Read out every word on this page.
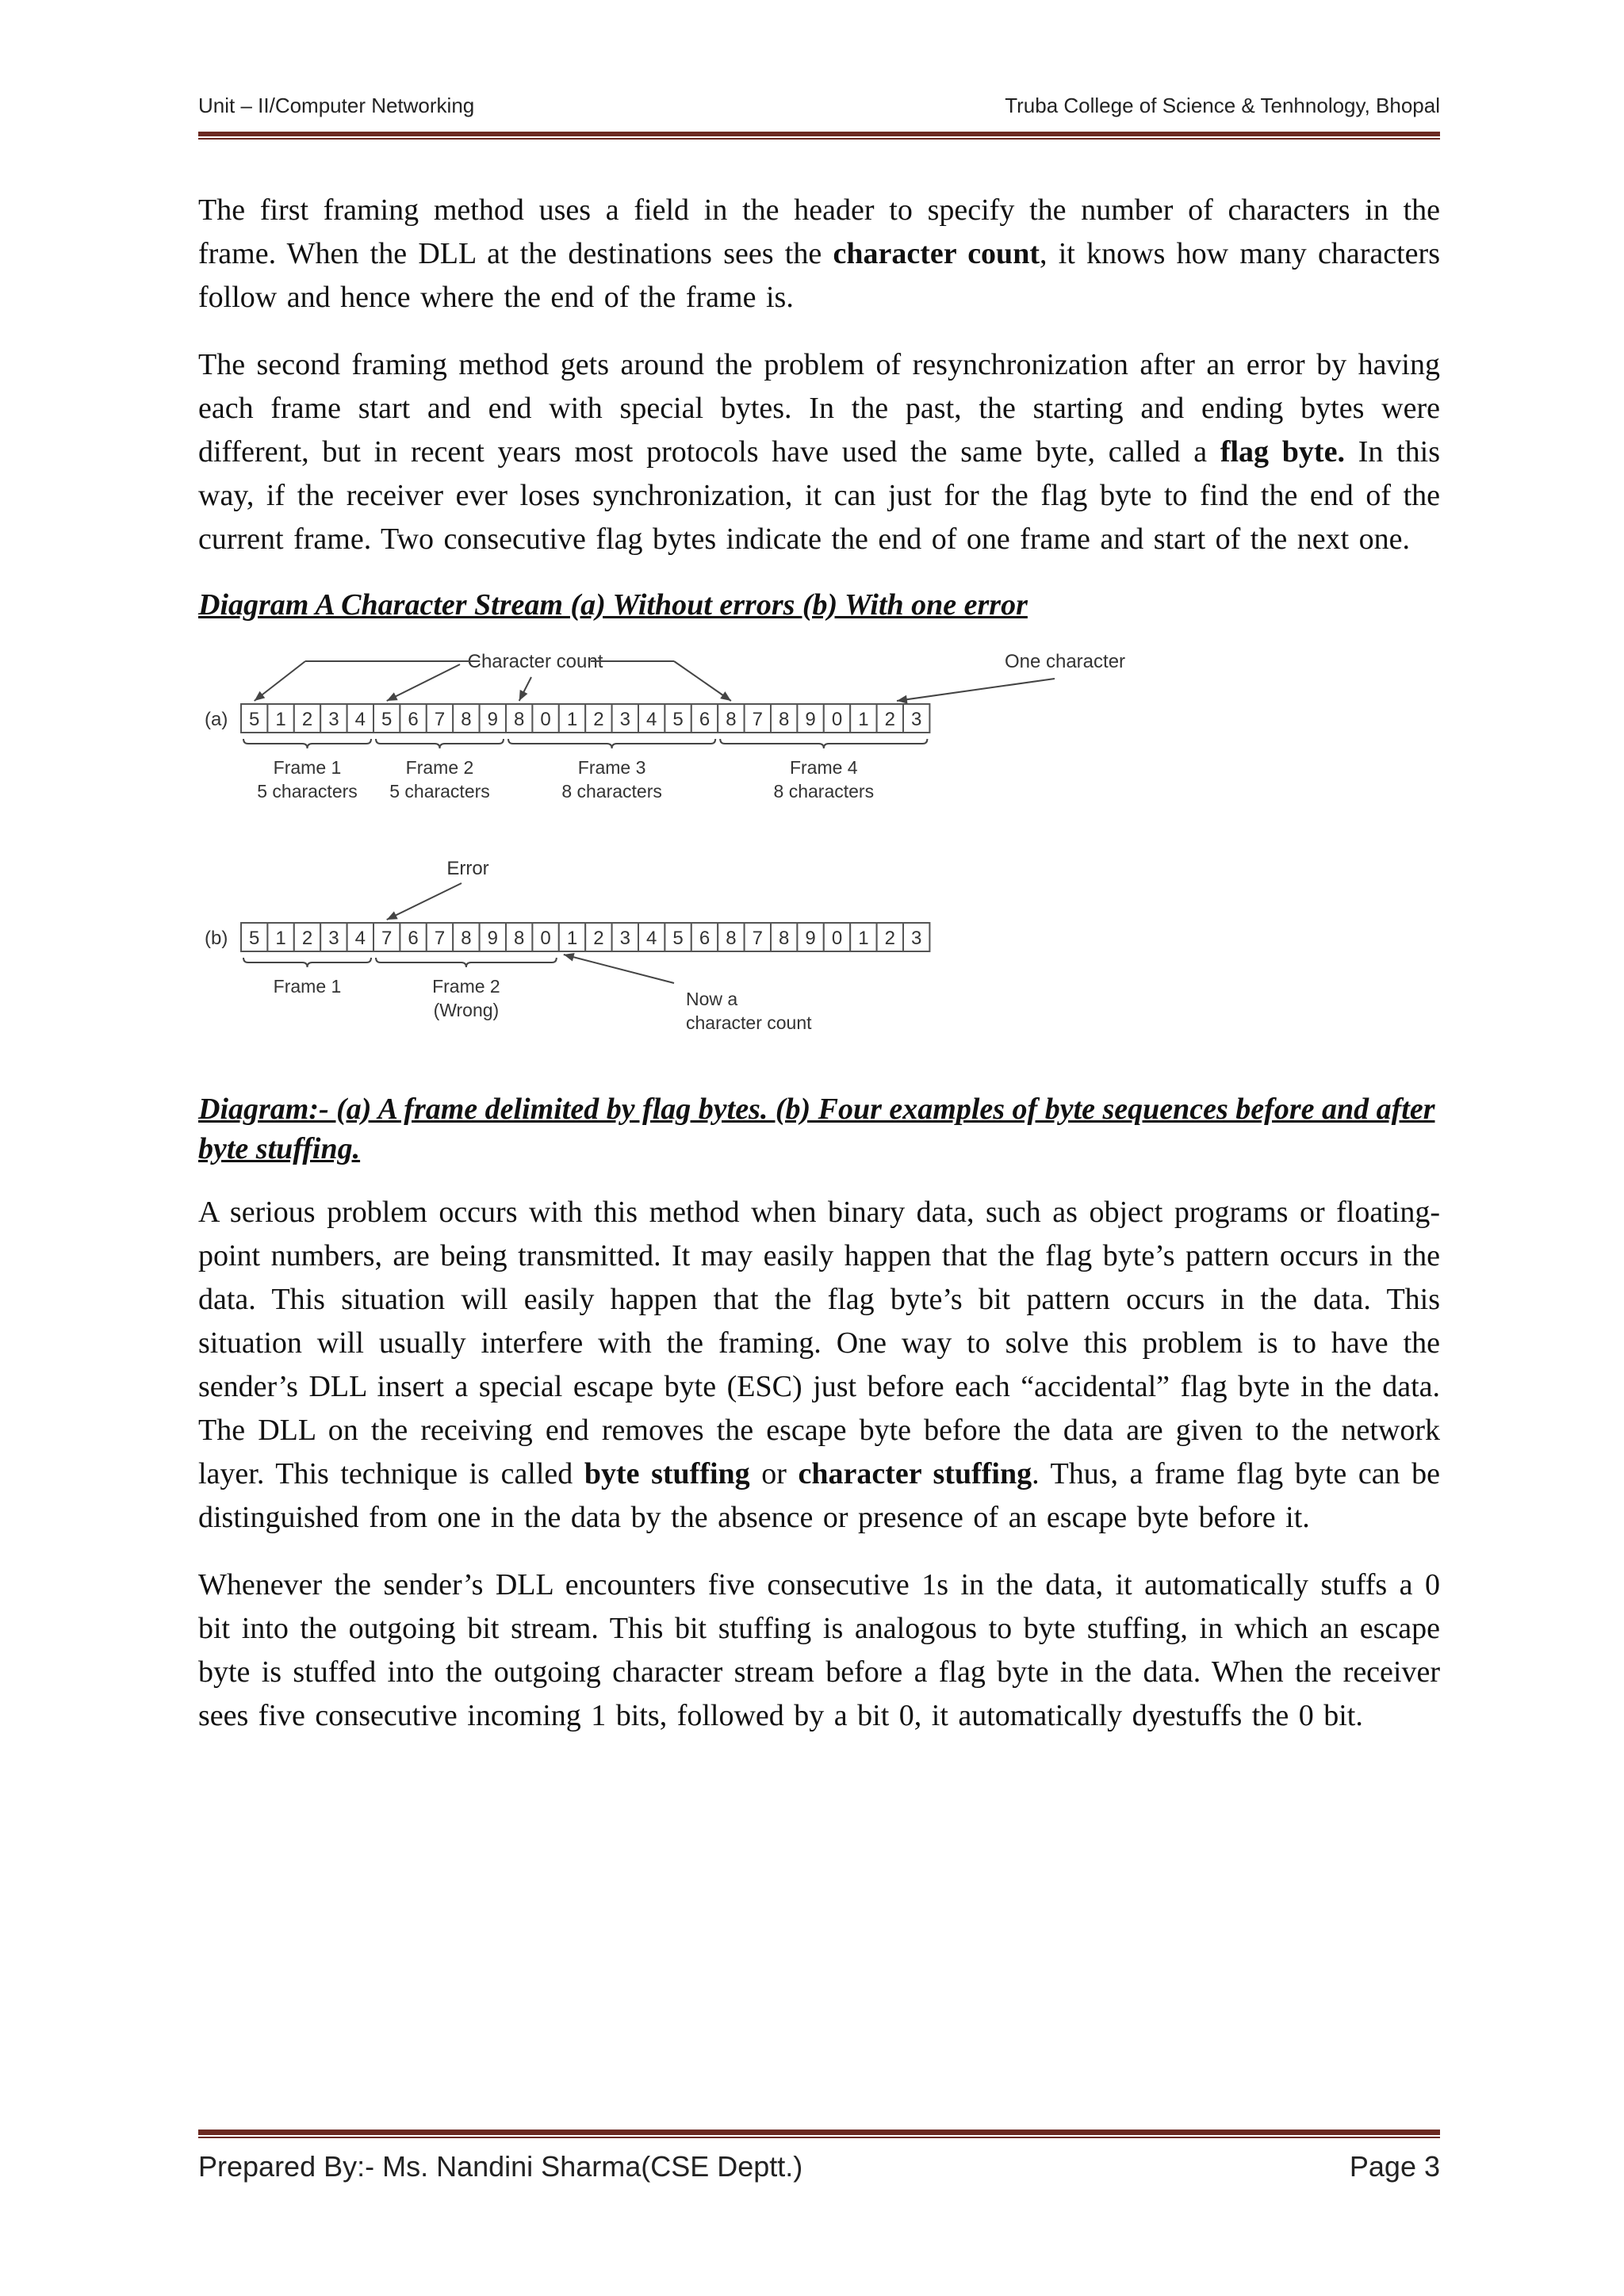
Unit – II/Computer Networking	Truba College of Science & Tenhnology, Bhopal

The first framing method uses a field in the header to specify the number of characters in the frame. When the DLL at the destinations sees the character count, it knows how many characters follow and hence where the end of the frame is.

The second framing method gets around the problem of resynchronization after an error by having each frame start and end with special bytes. In the past, the starting and ending bytes were different, but in recent years most protocols have used the same byte, called a flag byte. In this way, if the receiver ever loses synchronization, it can just for the flag byte to find the end of the current frame. Two consecutive flag bytes indicate the end of one frame and start of the next one.

Diagram A Character Stream (a) Without errors (b) With one error
(a) 5 1 2 3 4 5 6 7 8 9 8 0 1 2 3 4 5 6 8 7 8 9 0 1 2 3
Character count	One character
Frame 1
5 characters
Frame 2
5 characters
Frame 3
8 characters
Frame 4
8 characters
(b) 5 1 2 3 4 7 6 7 8 9 8 0 1 2 3 4 5 6 8 7 8 9 0 1 2 3
Error
Frame 1	Frame 2
(Wrong)
Now a
character count
Diagram:- (a) A frame delimited by flag bytes. (b) Four examples of byte sequences before and after byte stuffing.

A serious problem occurs with this method when binary data, such as object programs or floating-point numbers, are being transmitted. It may easily happen that the flag byte’s pattern occurs in the data. This situation will easily happen that the flag byte’s bit pattern occurs in the data. This situation will usually interfere with the framing. One way to solve this problem is to have the sender’s DLL insert a special escape byte (ESC) just before each “accidental” flag byte in the data. The DLL on the receiving end removes the escape byte before the data are given to the network layer. This technique is called byte stuffing or character stuffing. Thus, a frame flag byte can be distinguished from one in the data by the absence or presence of an escape byte before it.

Whenever the sender’s DLL encounters five consecutive 1s in the data, it automatically stuffs a 0 bit into the outgoing bit stream. This bit stuffing is analogous to byte stuffing, in which an escape byte is stuffed into the outgoing character stream before a flag byte in the data. When the receiver sees five consecutive incoming 1 bits, followed by a bit 0, it automatically dyestuffs the 0 bit.

Prepared By:- Ms. Nandini Sharma(CSE Deptt.)	Page 3
